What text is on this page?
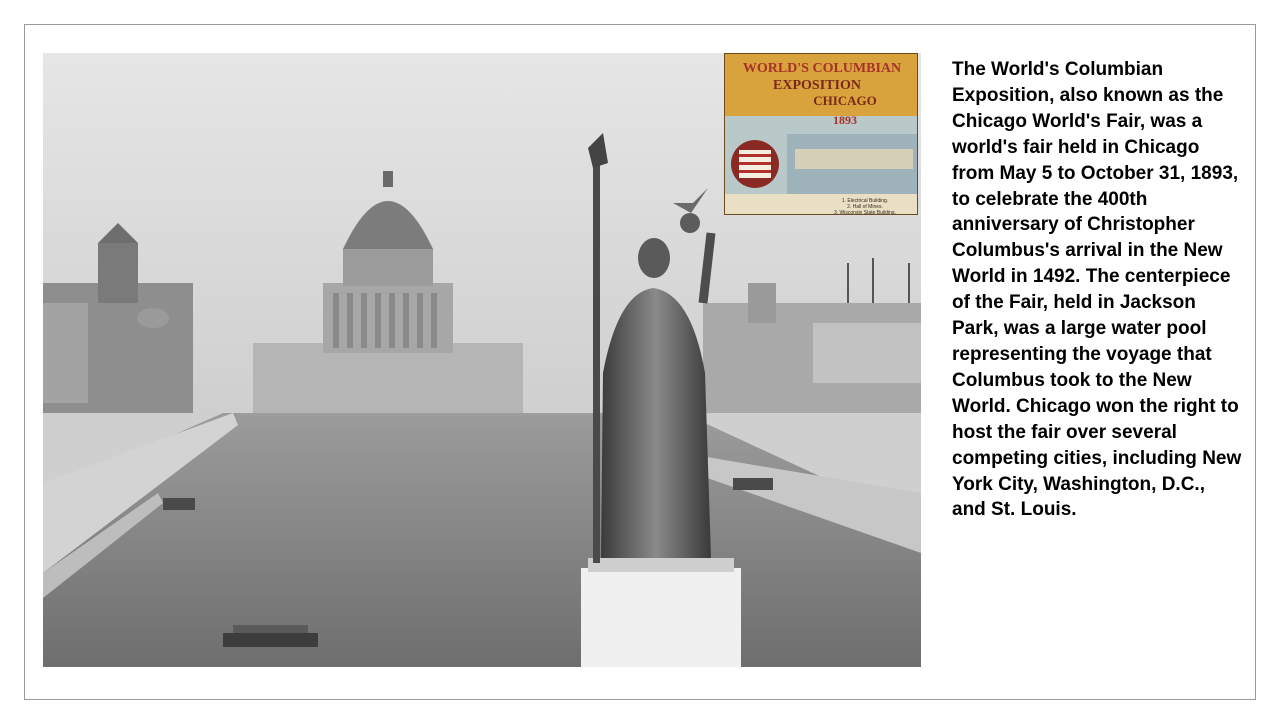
WORLD'S COLUMBIAN
EXPOSITION
CHICAGO
1893
1. Electrical Building.
2. Hall of Mines.
3. Wisconsin State Building.

The World's Columbian Exposition, also known as the Chicago World's Fair, was a world's fair held in Chicago from May 5 to October 31, 1893, to celebrate the 400th anniversary of Christopher Columbus's arrival in the New World in 1492. The centerpiece of the Fair, held in Jackson Park, was a large water pool representing the voyage that Columbus took to the New World. Chicago won the right to host the fair over several competing cities, including New York City, Washington, D.C., and St. Louis.
